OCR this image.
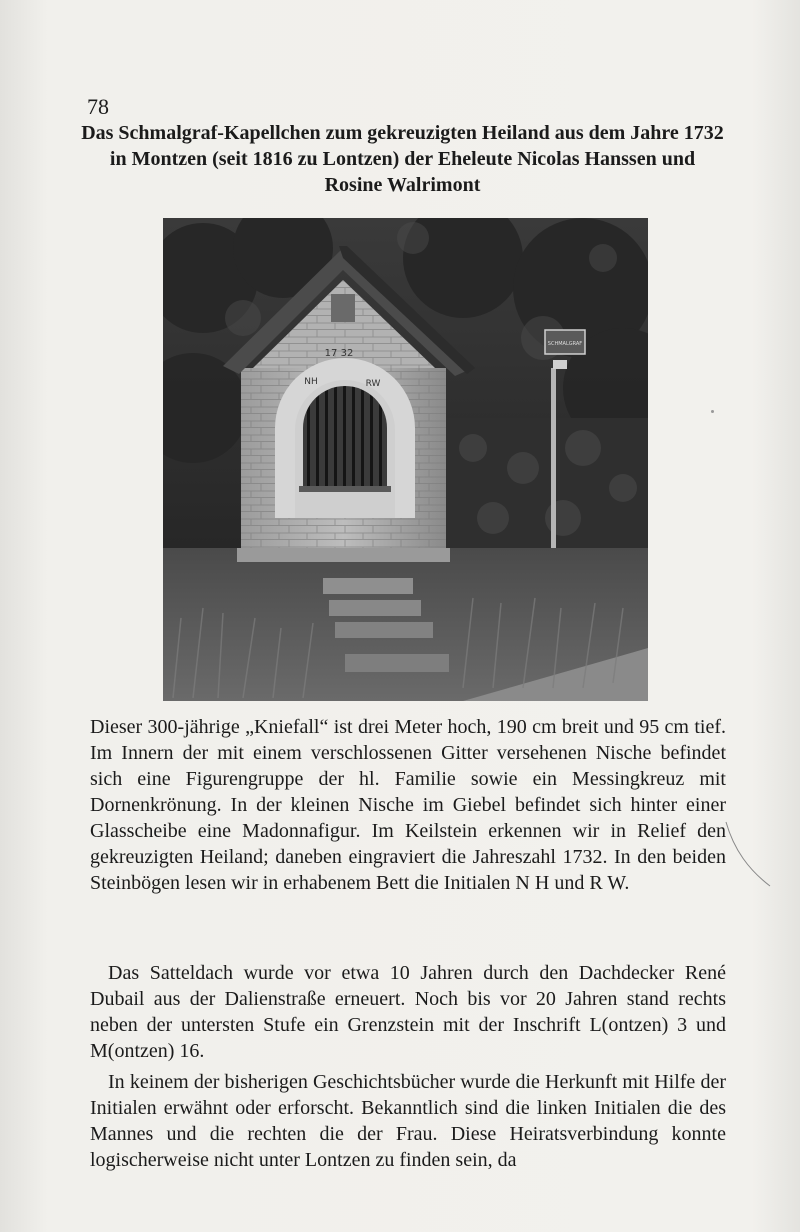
78
Das Schmalgraf-Kapellchen zum gekreuzigten Heiland aus dem Jahre 1732 in Montzen (seit 1816 zu Lontzen) der Eheleute Nicolas Hanssen und Rosine Walrimont
17 32
NH	RW
SCHMALGRAF

Dieser 300-jährige „Kniefall“ ist drei Meter hoch, 190 cm breit und 95 cm tief. Im Innern der mit einem verschlossenen Gitter versehenen Nische befindet sich eine Figurengruppe der hl. Familie sowie ein Messingkreuz mit Dornenkrönung. In der kleinen Nische im Giebel befindet sich hinter einer Glasscheibe eine Madonnafigur. Im Keilstein erkennen wir in Relief den gekreuzigten Heiland; daneben eingraviert die Jahreszahl 1732. In den beiden Steinbögen lesen wir in erhabenem Bett die Initialen N H und R W.

Das Satteldach wurde vor etwa 10 Jahren durch den Dachdecker René Dubail aus der Dalienstraße erneuert. Noch bis vor 20 Jahren stand rechts neben der untersten Stufe ein Grenzstein mit der Inschrift L(ontzen) 3 und M(ontzen) 16.

In keinem der bisherigen Geschichtsbücher wurde die Herkunft mit Hilfe der Initialen erwähnt oder erforscht. Bekanntlich sind die linken Initialen die des Mannes und die rechten die der Frau. Diese Heiratsverbindung konnte logischerweise nicht unter Lontzen zu finden sein, da
